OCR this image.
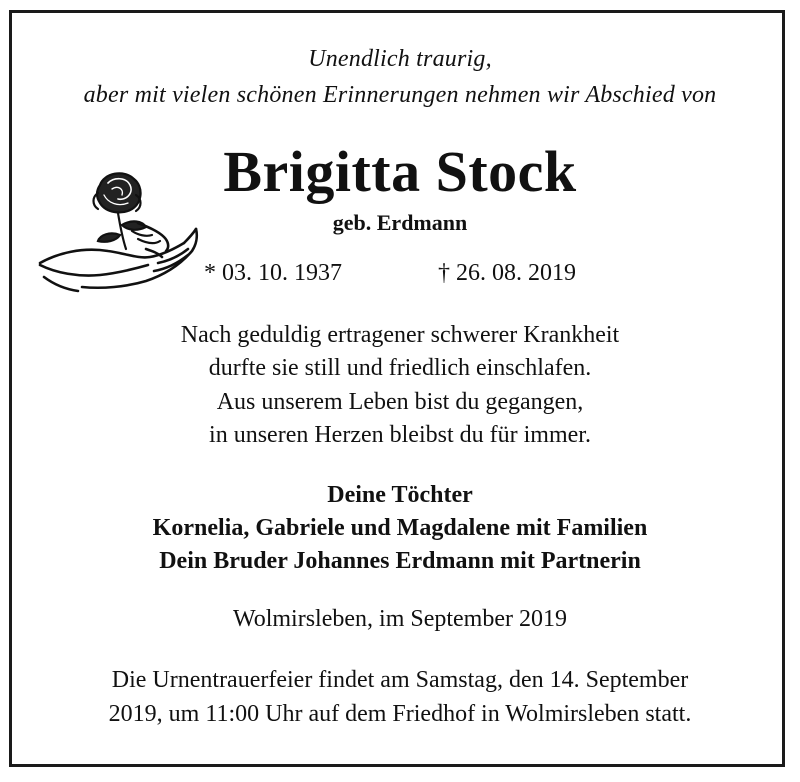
Unendlich traurig,
aber mit vielen schönen Erinnerungen nehmen wir Abschied von
Brigitta Stock
geb. Erdmann
* 03. 10. 1937	† 26. 08. 2019
Nach geduldig ertragener schwerer Krankheit
durfte sie still und friedlich einschlafen.
Aus unserem Leben bist du gegangen,
in unseren Herzen bleibst du für immer.
Deine Töchter
Kornelia, Gabriele und Magdalene mit Familien
Dein Bruder Johannes Erdmann mit Partnerin
Wolmirsleben, im September 2019
Die Urnentrauerfeier findet am Samstag, den 14. September
2019, um 11:00 Uhr auf dem Friedhof in Wolmirsleben statt.
